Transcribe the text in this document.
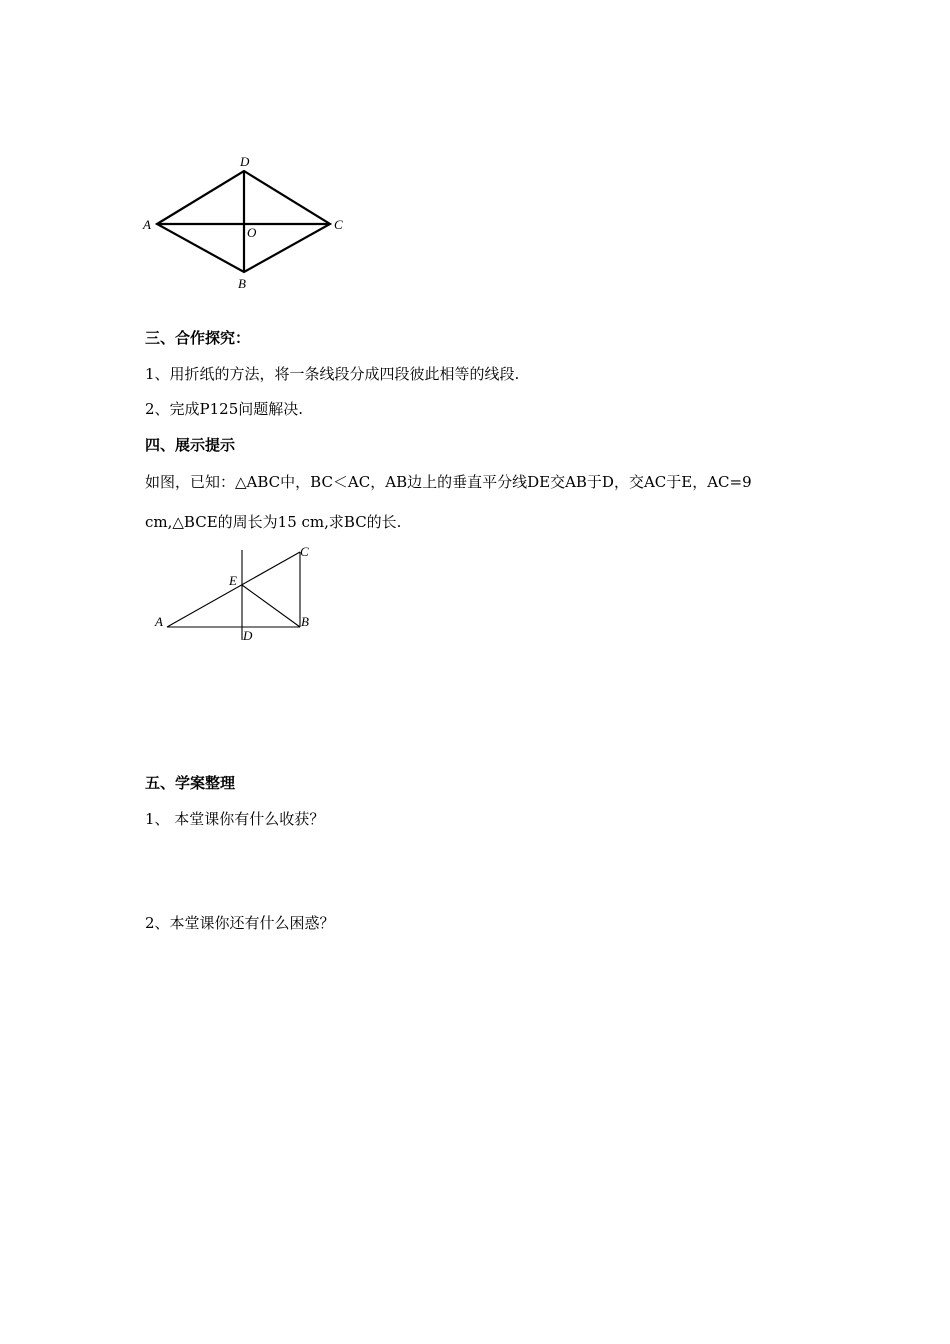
D
A
O
C
B
三、合作探究：
1、用折纸的方法，将一条线段分成四段彼此相等的线段.
2、完成P125问题解决.
四、展示提示
如图，已知：△ABC中，BC＜AC，AB边上的垂直平分线DE交AB于D，交AC于E，AC=9
cm,△BCE的周长为15 cm,求BC的长.
A
C
E
B
D
五、学案整理
1、 本堂课你有什么收获？
2、本堂课你还有什么困惑？
